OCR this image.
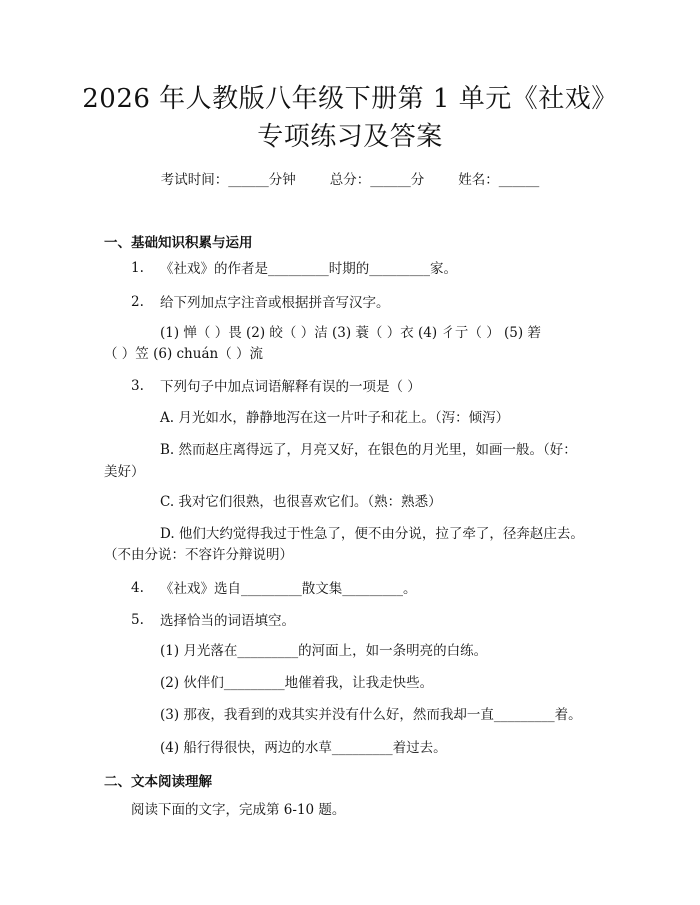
2026 年人教版八年级下册第 1 单元《社戏》
专项练习及答案
考试时间：______分钟	总分：______分	姓名：______
一、基础知识积累与运用
1. 《社戏》的作者是_________时期的_________家。
2. 给下列加点字注音或根据拼音写汉字。
(1) 惮（ ）畏 (2) 皎（ ）洁 (3) 蓑（ ）衣 (4) 彳亍（ ） (5) 箬
（ ）笠 (6) chuán（ ）流
3. 下列句子中加点词语解释有误的一项是（ ）
A. 月光如水，静静地泻在这一片叶子和花上。（泻：倾泻）
B. 然而赵庄离得远了，月亮又好，在银色的月光里，如画一般。（好：
美好）
C. 我对它们很熟，也很喜欢它们。（熟：熟悉）
D. 他们大约觉得我过于性急了，便不由分说，拉了牵了，径奔赵庄去。
（不由分说：不容许分辩说明）
4. 《社戏》选自_________散文集_________。
5. 选择恰当的词语填空。
(1) 月光落在_________的河面上，如一条明亮的白练。
(2) 伙伴们_________地催着我，让我走快些。
(3) 那夜，我看到的戏其实并没有什么好，然而我却一直_________着。
(4) 船行得很快，两边的水草_________着过去。
二、文本阅读理解
阅读下面的文字，完成第 6-10 题。
